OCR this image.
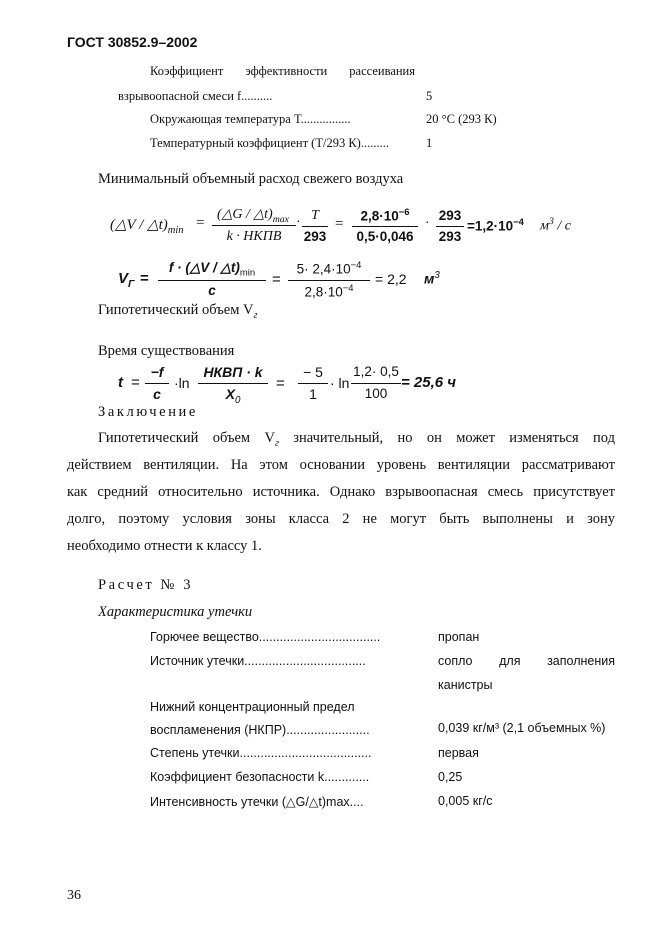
ГОСТ 30852.9–2002
Коэффициент эффективности рассеивания
взрывоопасной смеси f..........	5
Окружающая температура T................	20 °С (293 К)
Температурный коэффициент (T/293 К).........	1
Минимальный объемный расход свежего воздуха
(△V / $\triangle t)_{min}$ =
(△G / $\triangle t)_{max}$
k · НКПВ
· T
293
=	$2,8\cdot 10^{-6}$
0,5·0,046
·
293
293
$=1,2\cdot 10^{-4}$ $м^3$ / с
$V_Г$ =
f · (△V / $\triangle t)_{min}$
c
=
$5\cdot 2,4\cdot 10^{-4}$
$2,8\cdot 10^{-4}$
= 2,2 $м^3$
Гипотетический объем $V_г$
Время существования
t =
−f
c
·ln
НКВП · k
$X_0$
=
− 5
1
· ln
1,2· 0,5
100
= 25,6 ч
Заключение
Гипотетический объем $V_г$ значительный, но он может изменяться под
действием вентиляции. На этом основании уровень вентиляции рассматривают
как средний относительно источника. Однако взрывоопасная смесь присутствует
долго, поэтому условия зоны класса 2 не могут быть выполнены и зону
необходимо отнести к классу 1.
Расчет № 3
Характеристика утечки
Горючее вещество...................................	пропан
Источник утечки...................................	сопло     для     заполнения
канистры
Нижний концентрационный предел
воспламенения (НКПР)........................	0,039 кг/м³ (2,1 объемных %)
Степень утечки......................................	первая
Коэффициент безопасности k.............	0,25
Интенсивность утечки (△G/△t)max....	0,005 кг/с
36
